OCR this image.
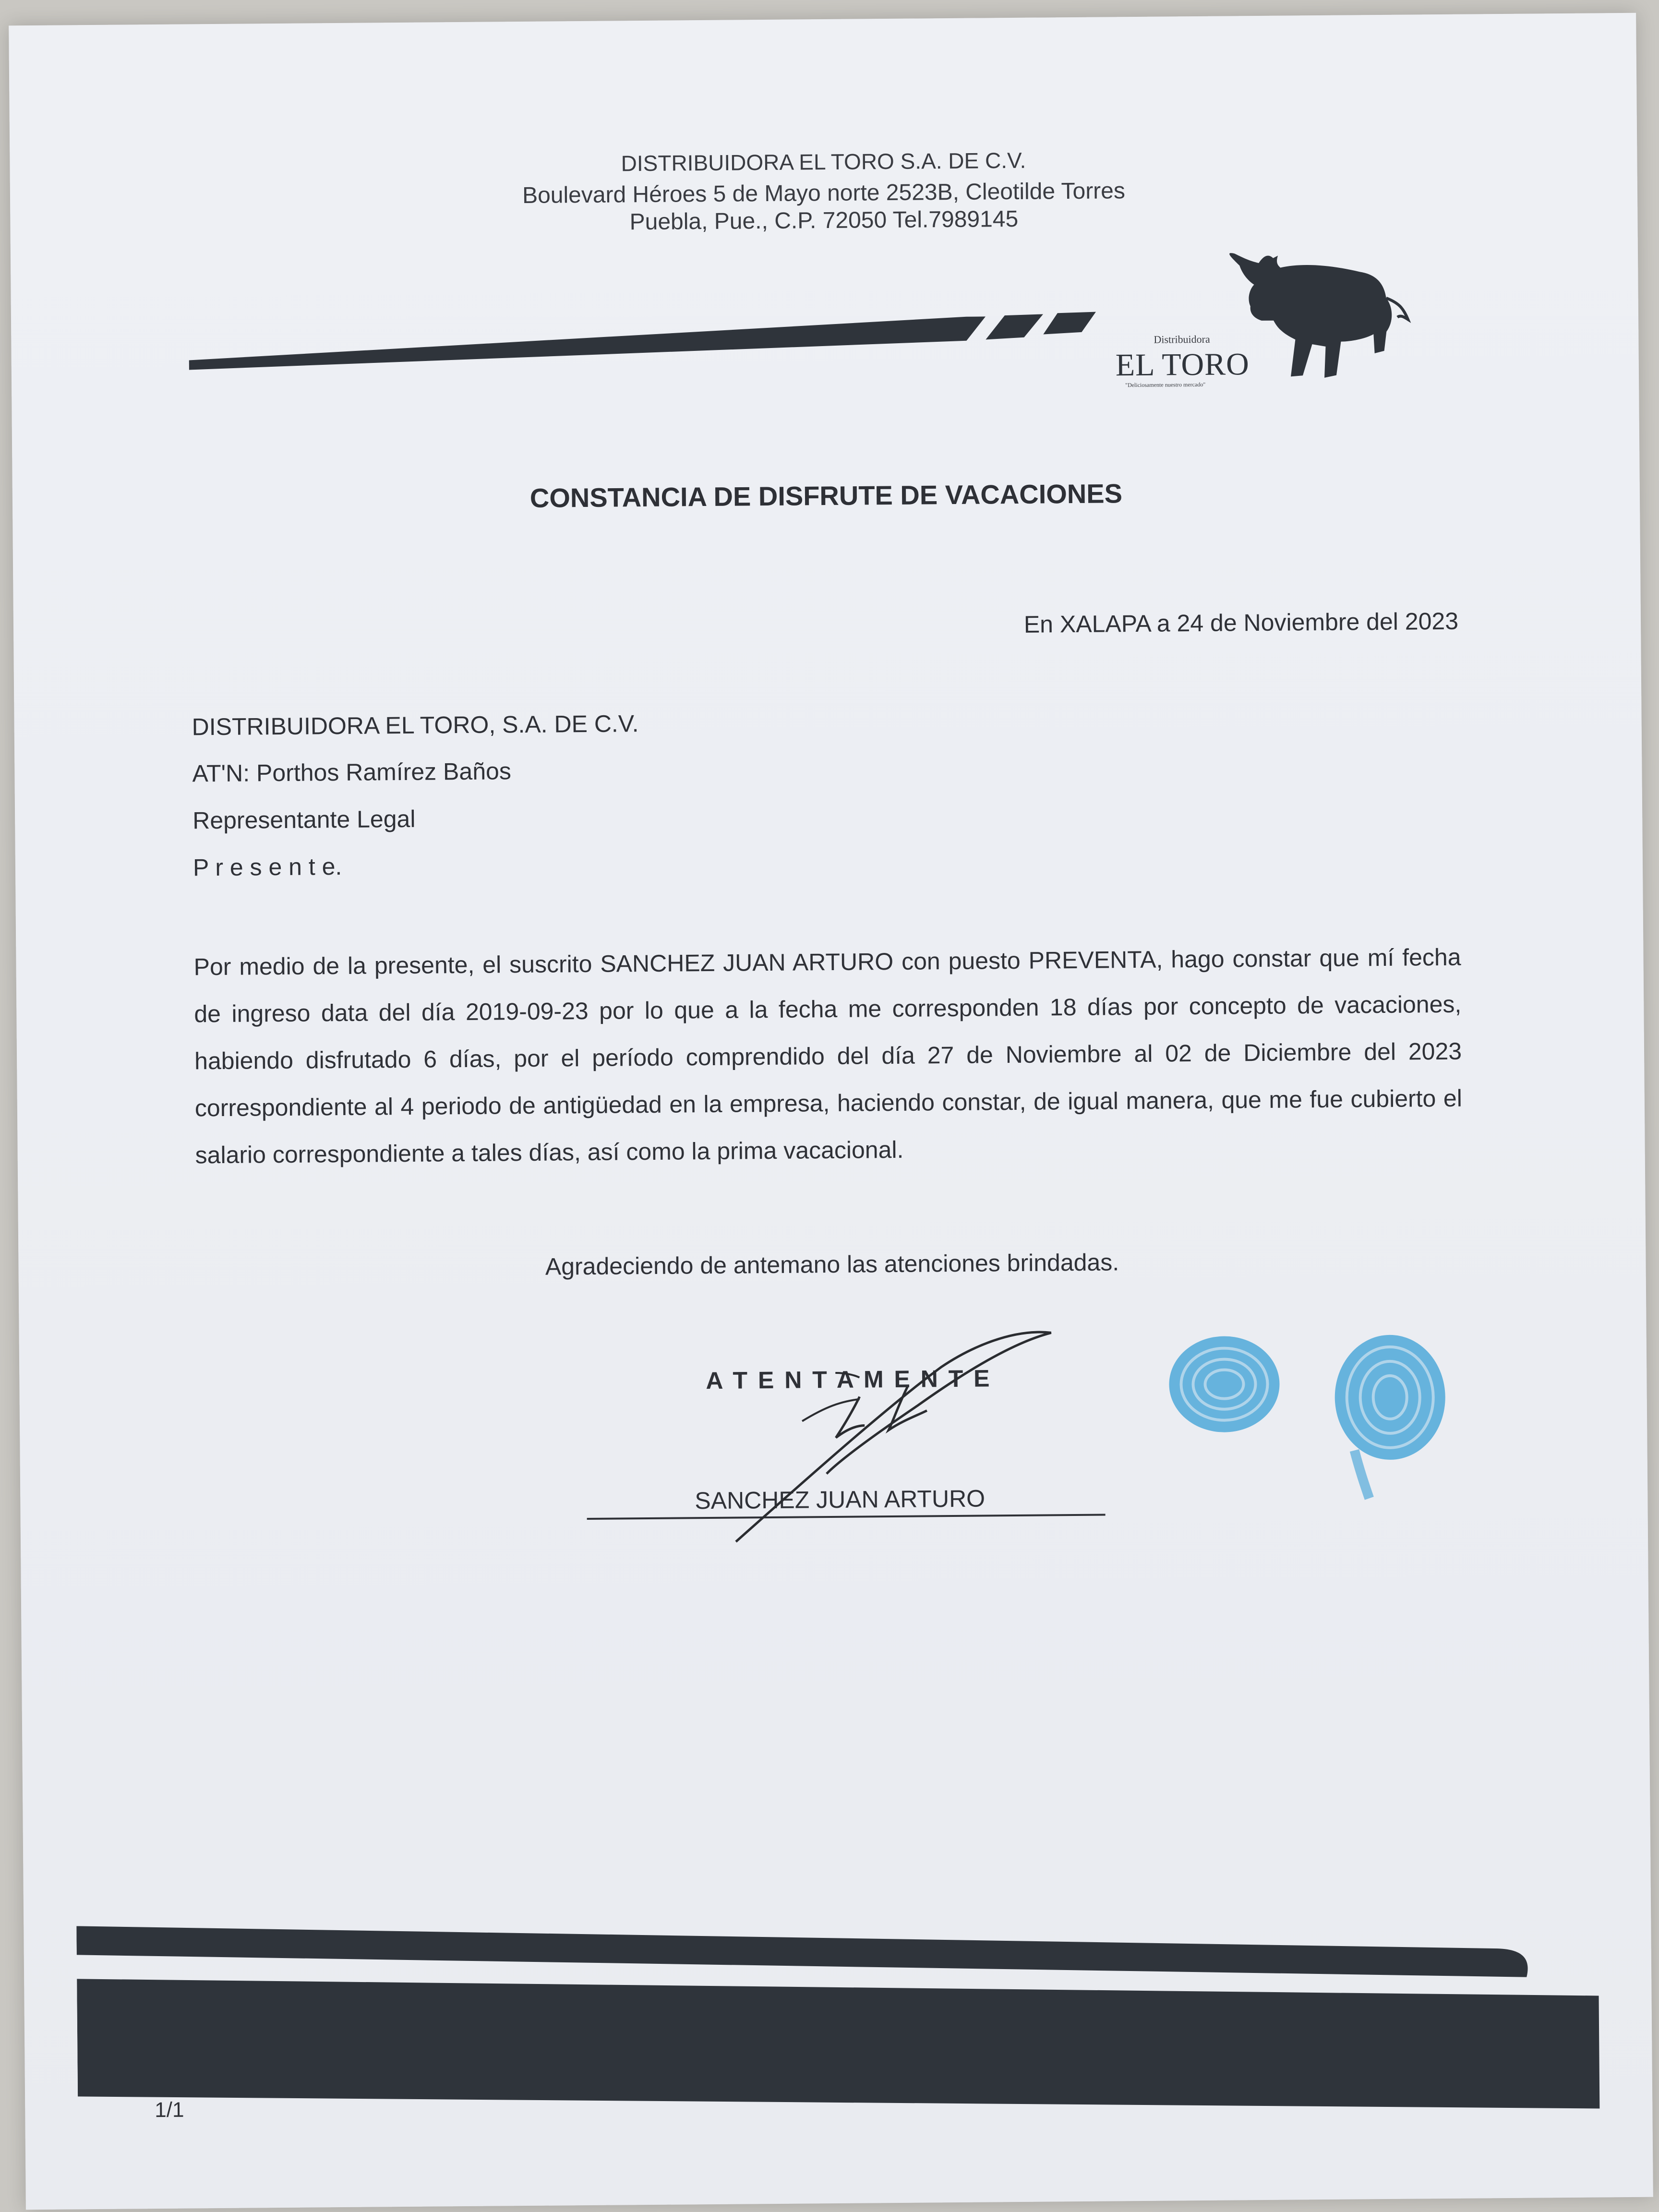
DISTRIBUIDORA EL TORO S.A. DE C.V.
Boulevard Héroes 5 de Mayo norte 2523B, Cleotilde Torres
Puebla, Pue., C.P. 72050 Tel.7989145
Distribuidora
EL TORO
"Deliciosamente nuestro mercado"
CONSTANCIA DE DISFRUTE DE VACACIONES
En XALAPA a 24 de Noviembre del 2023
DISTRIBUIDORA EL TORO, S.A. DE C.V.
AT'N: Porthos Ramírez Baños
Representante Legal
P r e s e n t e.
Por medio de la presente, el suscrito SANCHEZ JUAN ARTURO con puesto PREVENTA, hago constar que mí fecha de ingreso data del día 2019-09-23 por lo que a la fecha me corresponden 18 días por concepto de vacaciones, habiendo disfrutado 6 días, por el período comprendido del día 27 de Noviembre al 02 de Diciembre del 2023 correspondiente al 4 periodo de antigüedad en la empresa, haciendo constar, de igual manera, que me fue cubierto el salario correspondiente a tales días, así como la prima vacacional.
Agradeciendo de antemano las atenciones brindadas.
A T E N T A M E N T E
SANCHEZ JUAN ARTURO
1/1
